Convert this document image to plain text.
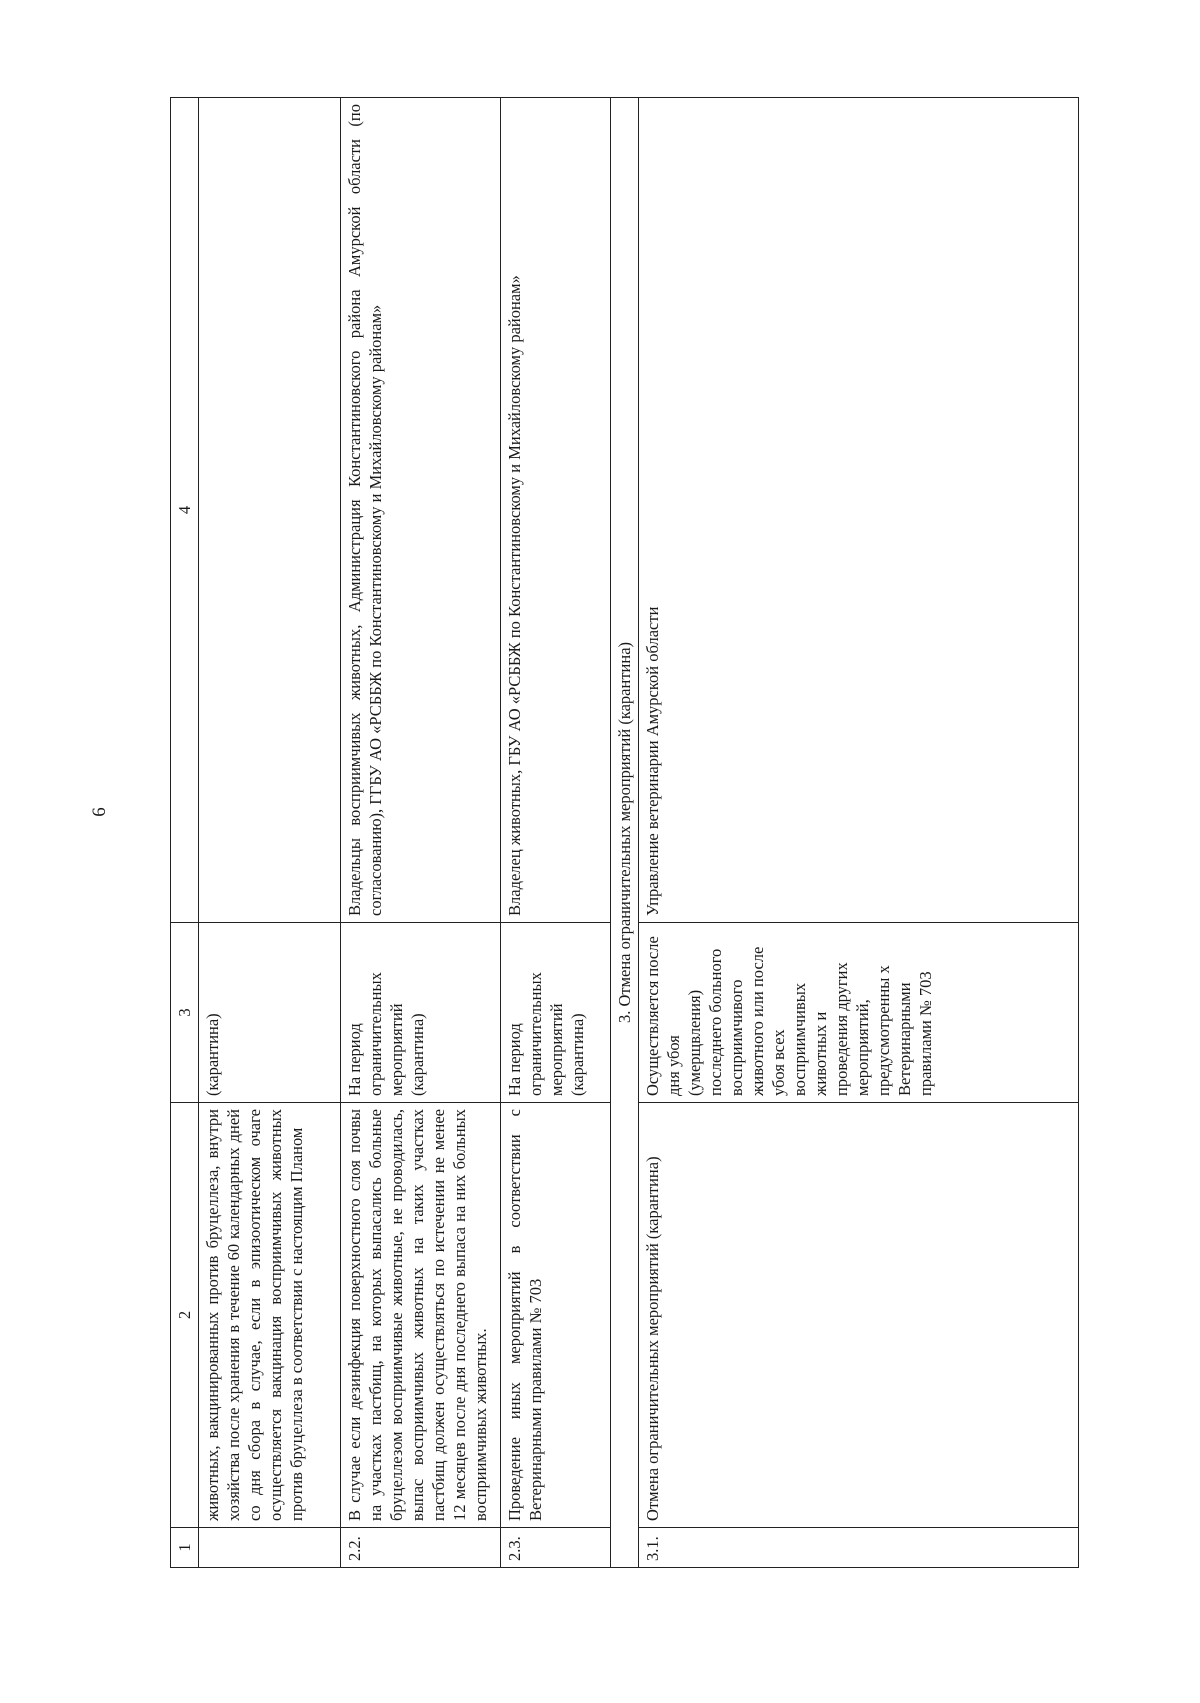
6
1	2	3	4
	животных, вакцинированных против бруцеллеза, внутри хозяйства после хранения в течение 60 календарных дней со дня сбора в случае, если в эпизоотическом очаге осуществляется вакцинация восприимчивых животных против бруцеллеза в соответствии с настоящим Планом	(карантина)	
2.2.	В случае если дезинфекция поверхностного слоя почвы на участках пастбищ, на которых выпасались больные бруцеллезом восприимчивые животные, не проводилась, выпас восприимчивых животных на таких участках пастбищ должен осуществляться по истечении не менее 12 месяцев после дня последнего выпаса на них больных восприимчивых животных.	На период ограничительных мероприятий (карантина)	Владельцы восприимчивых животных, Администрация Константиновского района Амурской области (по согласованию), ГГБУ АО «РСББЖ по Константиновскому и Михайловскому районам»
2.3.	Проведение иных мероприятий в соответствии с Ветеринарными правилами № 703	На период ограничительных мероприятий (карантина)	Владелец животных, ГБУ АО «РСББЖ по Константиновскому и Михайловскому районам»
3. Отмена ограничительных мероприятий (карантина)			
3.1.	Отмена ограничительных мероприятий (карантина)	Осуществляется после дня убоя (умерщвления) последнего больного восприимчивого животного или после убоя всех восприимчивых животных и проведения других мероприятий, предусмотренны х Ветеринарными правилами № 703	Управление ветеринарии Амурской области
